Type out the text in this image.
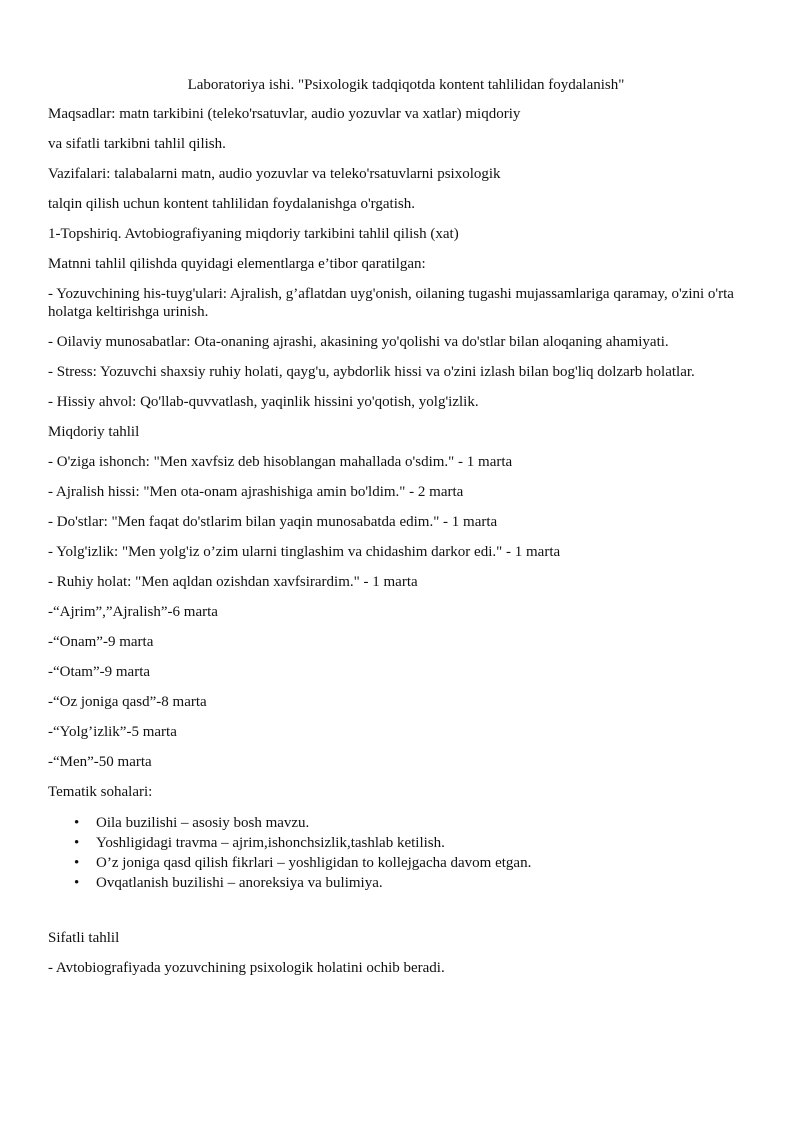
Laboratoriya ishi. "Psixologik tadqiqotda kontent tahlilidan foydalanish"

Maqsadlar: matn tarkibini (teleko'rsatuvlar, audio yozuvlar va xatlar) miqdoriy

va sifatli tarkibni tahlil qilish.

Vazifalari: talabalarni matn, audio yozuvlar va teleko'rsatuvlarni psixologik

talqin qilish uchun kontent tahlilidan foydalanishga o'rgatish.

1-Topshiriq. Avtobiografiyaning miqdoriy tarkibini tahlil qilish (xat)

Matnni tahlil qilishda quyidagi elementlarga e’tibor qaratilgan:

- Yozuvchining his-tuyg'ulari: Ajralish, g’aflatdan uyg'onish, oilaning tugashi mujassamlariga qaramay, o'zini o'rta holatga keltirishga urinish.

- Oilaviy munosabatlar: Ota-onaning ajrashi, akasining yo'qolishi va do'stlar bilan aloqaning ahamiyati.

- Stress: Yozuvchi shaxsiy ruhiy holati, qayg'u, aybdorlik hissi va o'zini izlash bilan bog'liq dolzarb holatlar.

- Hissiy ahvol: Qo'llab-quvvatlash, yaqinlik hissini yo'qotish, yolg'izlik.

Miqdoriy tahlil

- O'ziga ishonch: "Men xavfsiz deb hisoblangan mahallada o'sdim." - 1 marta

- Ajralish hissi: "Men ota-onam ajrashishiga amin bo'ldim." - 2 marta

- Do'stlar: "Men faqat do'stlarim bilan yaqin munosabatda edim." - 1 marta

- Yolg'izlik: "Men yolg'iz o’zim ularni tinglashim va chidashim darkor edi." - 1 marta

- Ruhiy holat: "Men aqldan ozishdan xavfsirardim." - 1 marta

-“Ajrim”,”Ajralish”-6 marta

-“Onam”-9 marta

-“Otam”-9 marta

-“Oz joniga qasd”-8 marta

-“Yolg’izlik”-5 marta

-“Men”-50 marta

Tematik sohalari:

• Oila buzilishi – asosiy bosh mavzu.
• Yoshligidagi travma – ajrim,ishonchsizlik,tashlab ketilish.
• O’z joniga qasd qilish fikrlari – yoshligidan to kollejgacha davom etgan.
• Ovqatlanish buzilishi – anoreksiya va bulimiya.

Sifatli tahlil

- Avtobiografiyada yozuvchining psixologik holatini ochib beradi.
